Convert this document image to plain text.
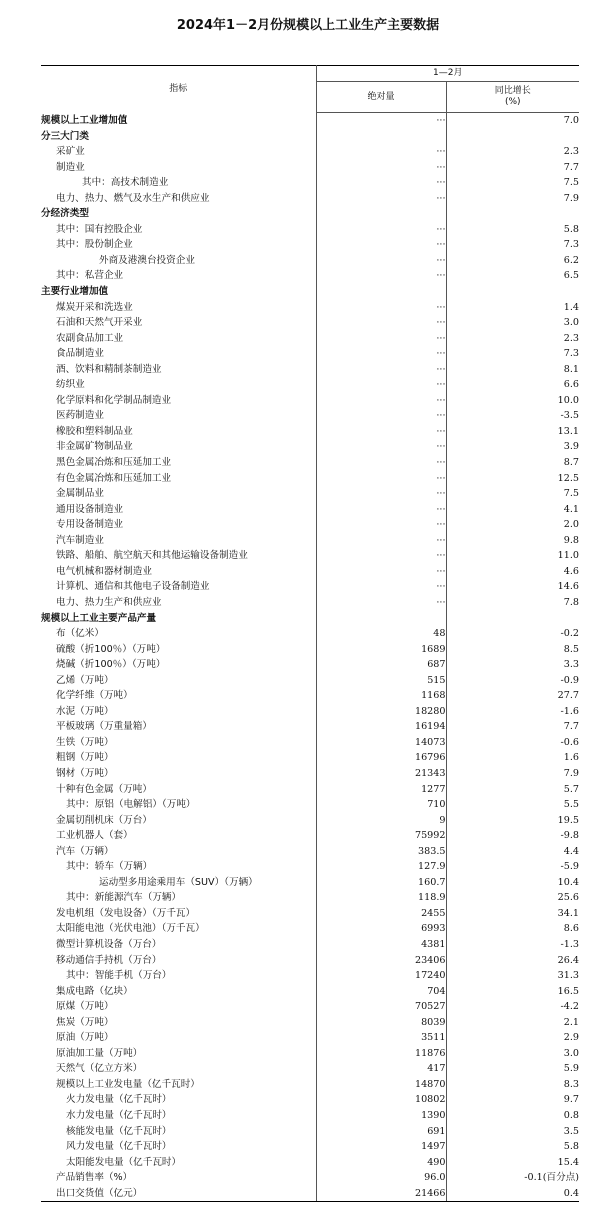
2024年1－2月份规模以上工业生产主要数据
指标	1—2月	
	绝对量	同比增长
(%)

规模以上工业增加值	···	7.0
分三大门类		
采矿业	···	2.3
制造业	···	7.7
其中：高技术制造业	···	7.5
电力、热力、燃气及水生产和供应业	···	7.9
分经济类型		
其中：国有控股企业	···	5.8
其中：股份制企业	···	7.3
外商及港澳台投资企业	···	6.2
其中：私营企业	···	6.5
主要行业增加值		
煤炭开采和洗选业	···	1.4
石油和天然气开采业	···	3.0
农副食品加工业	···	2.3
食品制造业	···	7.3
酒、饮料和精制茶制造业	···	8.1
纺织业	···	6.6
化学原料和化学制品制造业	···	10.0
医药制造业	···	-3.5
橡胶和塑料制品业	···	13.1
非金属矿物制品业	···	3.9
黑色金属冶炼和压延加工业	···	8.7
有色金属冶炼和压延加工业	···	12.5
金属制品业	···	7.5
通用设备制造业	···	4.1
专用设备制造业	···	2.0
汽车制造业	···	9.8
铁路、船舶、航空航天和其他运输设备制造业	···	11.0
电气机械和器材制造业	···	4.6
计算机、通信和其他电子设备制造业	···	14.6
电力、热力生产和供应业	···	7.8
规模以上工业主要产品产量		
布（亿米）	48	-0.2
硫酸（折100％）（万吨）	1689	8.5
烧碱（折100％）（万吨）	687	3.3
乙烯（万吨）	515	-0.9
化学纤维（万吨）	1168	27.7
水泥（万吨）	18280	-1.6
平板玻璃（万重量箱）	16194	7.7
生铁（万吨）	14073	-0.6
粗钢（万吨）	16796	1.6
钢材（万吨）	21343	7.9
十种有色金属（万吨）	1277	5.7
其中：原铝（电解铝）（万吨）	710	5.5
金属切削机床（万台）	9	19.5
工业机器人（套）	75992	-9.8
汽车（万辆）	383.5	4.4
其中：轿车（万辆）	127.9	-5.9
运动型多用途乘用车（SUV）（万辆）	160.7	10.4
其中：新能源汽车（万辆）	118.9	25.6
发电机组（发电设备）（万千瓦）	2455	34.1
太阳能电池（光伏电池）（万千瓦）	6993	8.6
微型计算机设备（万台）	4381	-1.3
移动通信手持机（万台）	23406	26.4
其中：智能手机（万台）	17240	31.3
集成电路（亿块）	704	16.5
原煤（万吨）	70527	-4.2
焦炭（万吨）	8039	2.1
原油（万吨）	3511	2.9
原油加工量（万吨）	11876	3.0
天然气（亿立方米）	417	5.9
规模以上工业发电量（亿千瓦时）	14870	8.3
火力发电量（亿千瓦时）	10802	9.7
水力发电量（亿千瓦时）	1390	0.8
核能发电量（亿千瓦时）	691	3.5
风力发电量（亿千瓦时）	1497	5.8
太阳能发电量（亿千瓦时）	490	15.4
产品销售率（%）	96.0	-0.1(百分点)
出口交货值（亿元）	21466	0.4
